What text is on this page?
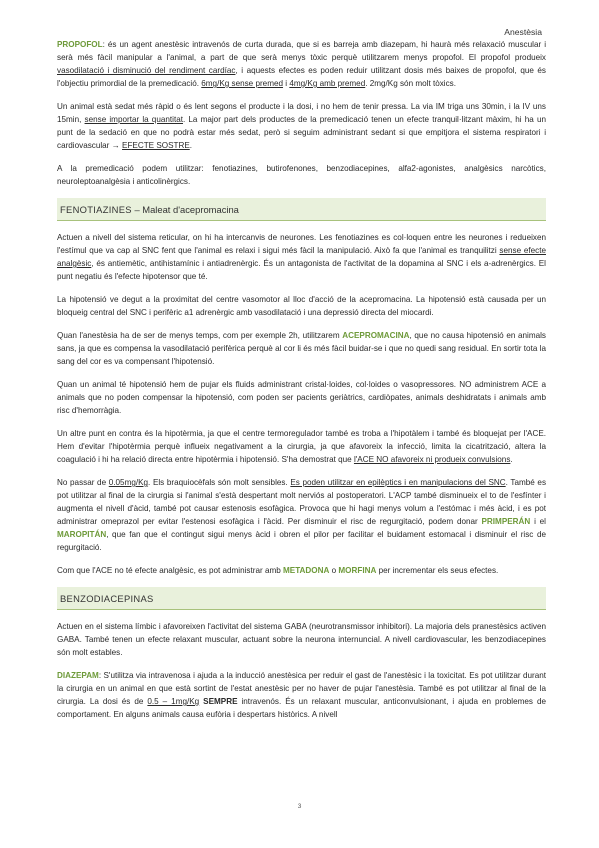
Anestèsia

PROPOFOL: és un agent anestèsic intravenós de curta durada, que si es barreja amb diazepam, hi haurà més relaxació muscular i serà més fàcil manipular a l'animal, a part de que serà menys tòxic perquè utilitzarem menys propofol. El propofol produeix vasodilatació i disminució del rendiment cardíac, i aquests efectes es poden reduir utilitzant dosis més baixes de propofol, que és l'objectiu primordial de la premedicació. 6mg/Kg sense premed i 4mg/Kg amb premed. 2mg/Kg són molt tòxics.

Un animal està sedat més ràpid o és lent segons el producte i la dosi, i no hem de tenir pressa. La via IM triga uns 30min, i la IV uns 15min, sense importar la quantitat. La major part dels productes de la premedicació tenen un efecte tranquil·litzant màxim, hi ha un punt de la sedació en que no podrà estar més sedat, però si seguim administrant sedant si que empitjora el sistema respiratori i cardiovascular → EFECTE SOSTRE.

A la premedicació podem utilitzar: fenotiazines, butirofenones, benzodiacepines, alfa2-agonistes, analgèsics narcòtics, neuroleptoanalgèsia i anticolinèrgics.

FENOTIAZINES – Maleat d'acepromacina

Actuen a nivell del sistema reticular, on hi ha intercanvis de neurones. Les fenotiazines es col·loquen entre les neurones i redueixen l'estímul que va cap al SNC fent que l'animal es relaxi i sigui més fàcil la manipulació. Això fa que l'animal es tranquilitzi sense efecte analgèsic, és antiemètic, antihistamínic i antiadrenèrgic. És un antagonista de l'activitat de la dopamina al SNC i els a-adrenèrgics. El punt negatiu és l'efecte hipotensor que té.

La hipotensió ve degut a la proximitat del centre vasomotor al lloc d'acció de la acepromacina. La hipotensió està causada per un bloqueig central del SNC i perifèric a1 adrenèrgic amb vasodilatació i una depressió directa del miocardi.

Quan l'anestèsia ha de ser de menys temps, com per exemple 2h, utilitzarem ACEPROMACINA, que no causa hipotensió en animals sans, ja que es compensa la vasodilatació perifèrica perquè al cor li és més fàcil buidar-se i que no quedi sang residual. En sortir tota la sang del cor es va compensant l'hipotensió.

Quan un animal té hipotensió hem de pujar els fluids administrant cristal·loides, col·loides o vasopressores. NO administrem ACE a animals que no poden compensar la hipotensió, com poden ser pacients geriàtrics, cardiòpates, animals deshidratats i animals amb risc d'hemorràgia.

Un altre punt en contra és la hipotèrmia, ja que el centre termoregulador també es troba a l'hipotàlem i també és bloquejat per l'ACE. Hem d'evitar l'hipotèrmia perquè influeix negativament a la cirurgia, ja que afavoreix la infecció, limita la cicatrització, altera la coagulació i hi ha relació directa entre hipotèrmia i hipotensió. S'ha demostrat que l'ACE NO afavoreix ni produeix convulsions.

No passar de 0.05mg/Kg. Els braquiocèfals són molt sensibles. Es poden utilitzar en epilèptics i en manipulacions del SNC. També es pot utilitzar al final de la cirurgia si l'animal s'està despertant molt nerviós al postoperatori. L'ACP també disminueix el to de l'esfínter i augmenta el nivell d'àcid, també pot causar estenosis esofàgica. Provoca que hi hagi menys volum a l'estómac i més àcid, i es pot administrar omeprazol per evitar l'estenosi esofàgica i l'àcid. Per disminuir el risc de regurgitació, podem donar PRIMPERÁN i el MAROPITÁN, que fan que el contingut sigui menys àcid i obren el pilor per facilitar el buidament estomacal i disminuir el risc de regurgitació.

Com que l'ACE no té efecte analgèsic, es pot administrar amb METADONA o MORFINA per incrementar els seus efectes.

BENZODIACEPINAS

Actuen en el sistema límbic i afavoreixen l'activitat del sistema GABA (neurotransmissor inhibitori). La majoria dels pranestèsics activen GABA. També tenen un efecte relaxant muscular, actuant sobre la neurona internuncial. A nivell cardiovascular, les benzodiacepines són molt estables.

DIAZEPAM: S'utilitza via intravenosa i ajuda a la inducció anestèsica per reduir el gast de l'anestèsic i la toxicitat. Es pot utilitzar durant la cirurgia en un animal en que està sortint de l'estat anestèsic per no haver de pujar l'anestèsia. També es pot utilitzar al final de la cirurgia. La dosi és de 0.5 – 1mg/Kg SEMPRE intravenós. És un relaxant muscular, anticonvulsionant, i ajuda en problemes de comportament. En alguns animals causa eufòria i despertars històrics. A nivell

3
